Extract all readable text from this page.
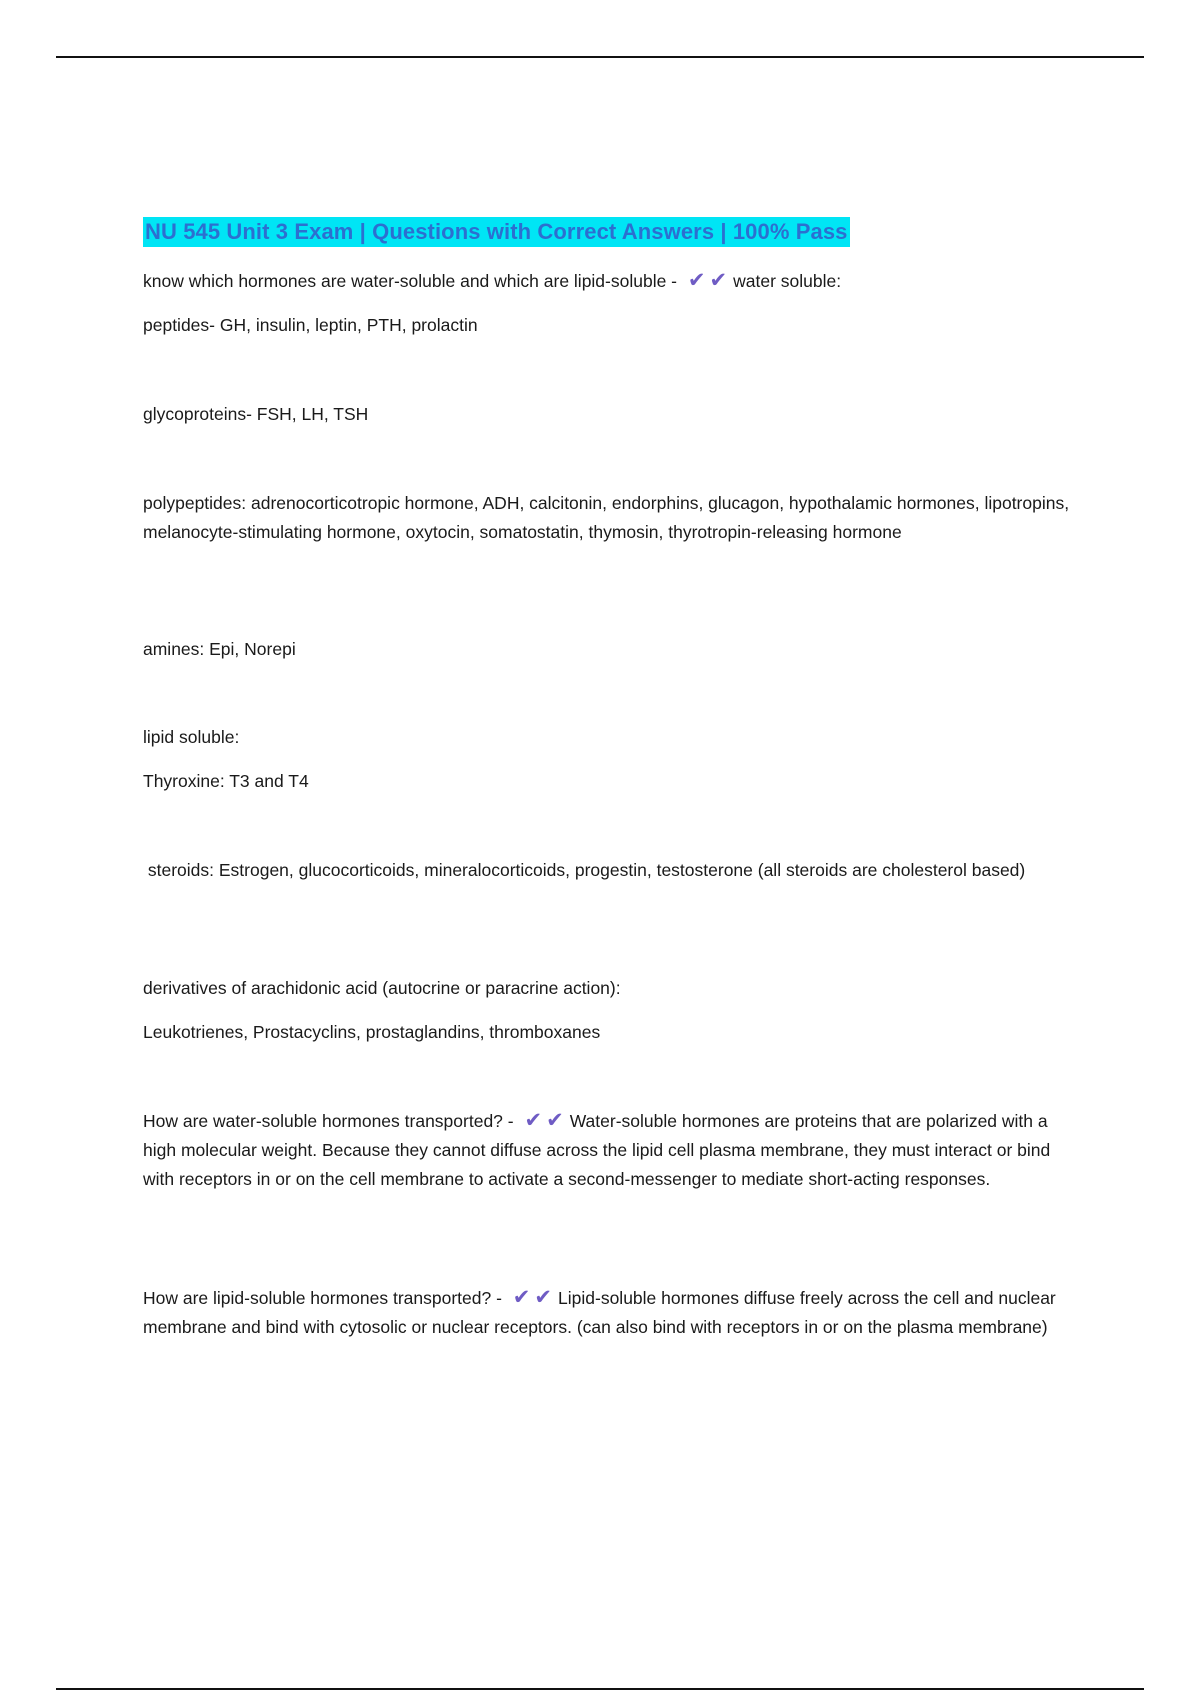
NU 545 Unit 3 Exam | Questions with Correct Answers | 100% Pass

know which hormones are water-soluble and which are lipid-soluble - ✔ ✔ water soluble:

peptides- GH, insulin, leptin, PTH, prolactin

glycoproteins- FSH, LH, TSH

polypeptides: adrenocorticotropic hormone, ADH, calcitonin, endorphins, glucagon, hypothalamic hormones, lipotropins, melanocyte-stimulating hormone, oxytocin, somatostatin, thymosin, thyrotropin-releasing hormone

amines: Epi, Norepi

lipid soluble:

Thyroxine: T3 and T4

steroids: Estrogen, glucocorticoids, mineralocorticoids, progestin, testosterone (all steroids are cholesterol based)

derivatives of arachidonic acid (autocrine or paracrine action):

Leukotrienes, Prostacyclins, prostaglandins, thromboxanes

How are water-soluble hormones transported? - ✔ ✔ Water-soluble hormones are proteins that are polarized with a high molecular weight. Because they cannot diffuse across the lipid cell plasma membrane, they must interact or bind with receptors in or on the cell membrane to activate a second-messenger to mediate short-acting responses.

How are lipid-soluble hormones transported? - ✔ ✔ Lipid-soluble hormones diffuse freely across the cell and nuclear membrane and bind with cytosolic or nuclear receptors. (can also bind with receptors in or on the plasma membrane)
